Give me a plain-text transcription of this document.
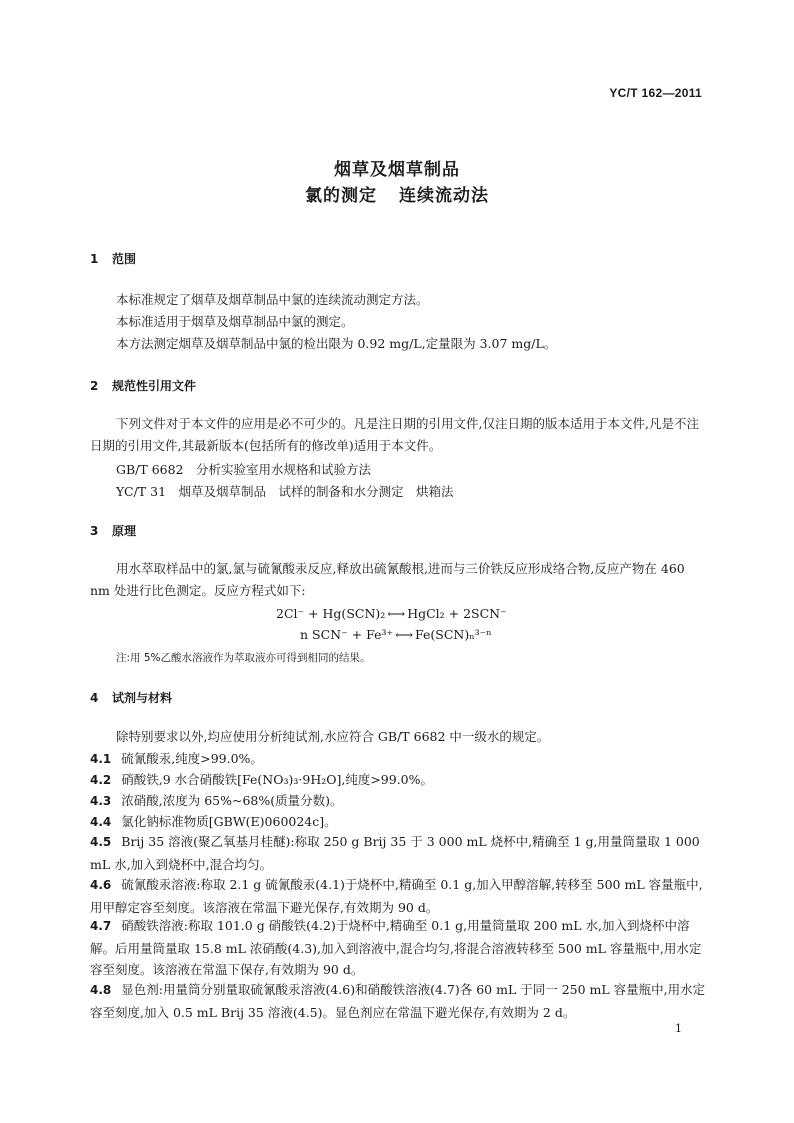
YC/T 162—2011
烟草及烟草制品
氯的测定 连续流动法
1 范围
本标准规定了烟草及烟草制品中氯的连续流动测定方法。
本标准适用于烟草及烟草制品中氯的测定。
本方法测定烟草及烟草制品中氯的检出限为 0.92 mg/L,定量限为 3.07 mg/L。
2 规范性引用文件
下列文件对于本文件的应用是必不可少的。凡是注日期的引用文件,仅注日期的版本适用于本文件,凡是不注日期的引用文件,其最新版本(包括所有的修改单)适用于本文件。
GB/T 6682　分析实验室用水规格和试验方法
YC/T 31　烟草及烟草制品　试样的制备和水分测定　烘箱法
3 原理
用水萃取样品中的氯,氯与硫氰酸汞反应,释放出硫氰酸根,进而与三价铁反应形成络合物,反应产物在 460 nm 处进行比色测定。反应方程式如下:
2Cl⁻ + Hg(SCN)₂ ⟷ HgCl₂ + 2SCN⁻
n SCN⁻ + Fe³⁺ ⟷ Fe(SCN)ₙ³⁻ⁿ
注:用 5%乙酸水溶液作为萃取液亦可得到相同的结果。
4 试剂与材料
除特别要求以外,均应使用分析纯试剂,水应符合 GB/T 6682 中一级水的规定。
4.1 硫氰酸汞,纯度>99.0%。
4.2 硝酸铁,9 水合硝酸铁[Fe(NO₃)₃·9H₂O],纯度>99.0%。
4.3 浓硝酸,浓度为 65%~68%(质量分数)。
4.4 氯化钠标准物质[GBW(E)060024c]。
4.5 Brij 35 溶液(聚乙氧基月桂醚):称取 250 g Brij 35 于 3 000 mL 烧杯中,精确至 1 g,用量筒量取 1 000 mL 水,加入到烧杯中,混合均匀。
4.6 硫氰酸汞溶液:称取 2.1 g 硫氰酸汞(4.1)于烧杯中,精确至 0.1 g,加入甲醇溶解,转移至 500 mL 容量瓶中,用甲醇定容至刻度。该溶液在常温下避光保存,有效期为 90 d。
4.7 硝酸铁溶液:称取 101.0 g 硝酸铁(4.2)于烧杯中,精确至 0.1 g,用量筒量取 200 mL 水,加入到烧杯中溶解。后用量筒量取 15.8 mL 浓硝酸(4.3),加入到溶液中,混合均匀,将混合溶液转移至 500 mL 容量瓶中,用水定容至刻度。该溶液在常温下保存,有效期为 90 d。
4.8 显色剂:用量筒分别量取硫氰酸汞溶液(4.6)和硝酸铁溶液(4.7)各 60 mL 于同一 250 mL 容量瓶中,用水定容至刻度,加入 0.5 mL Brij 35 溶液(4.5)。显色剂应在常温下避光保存,有效期为 2 d。
1
